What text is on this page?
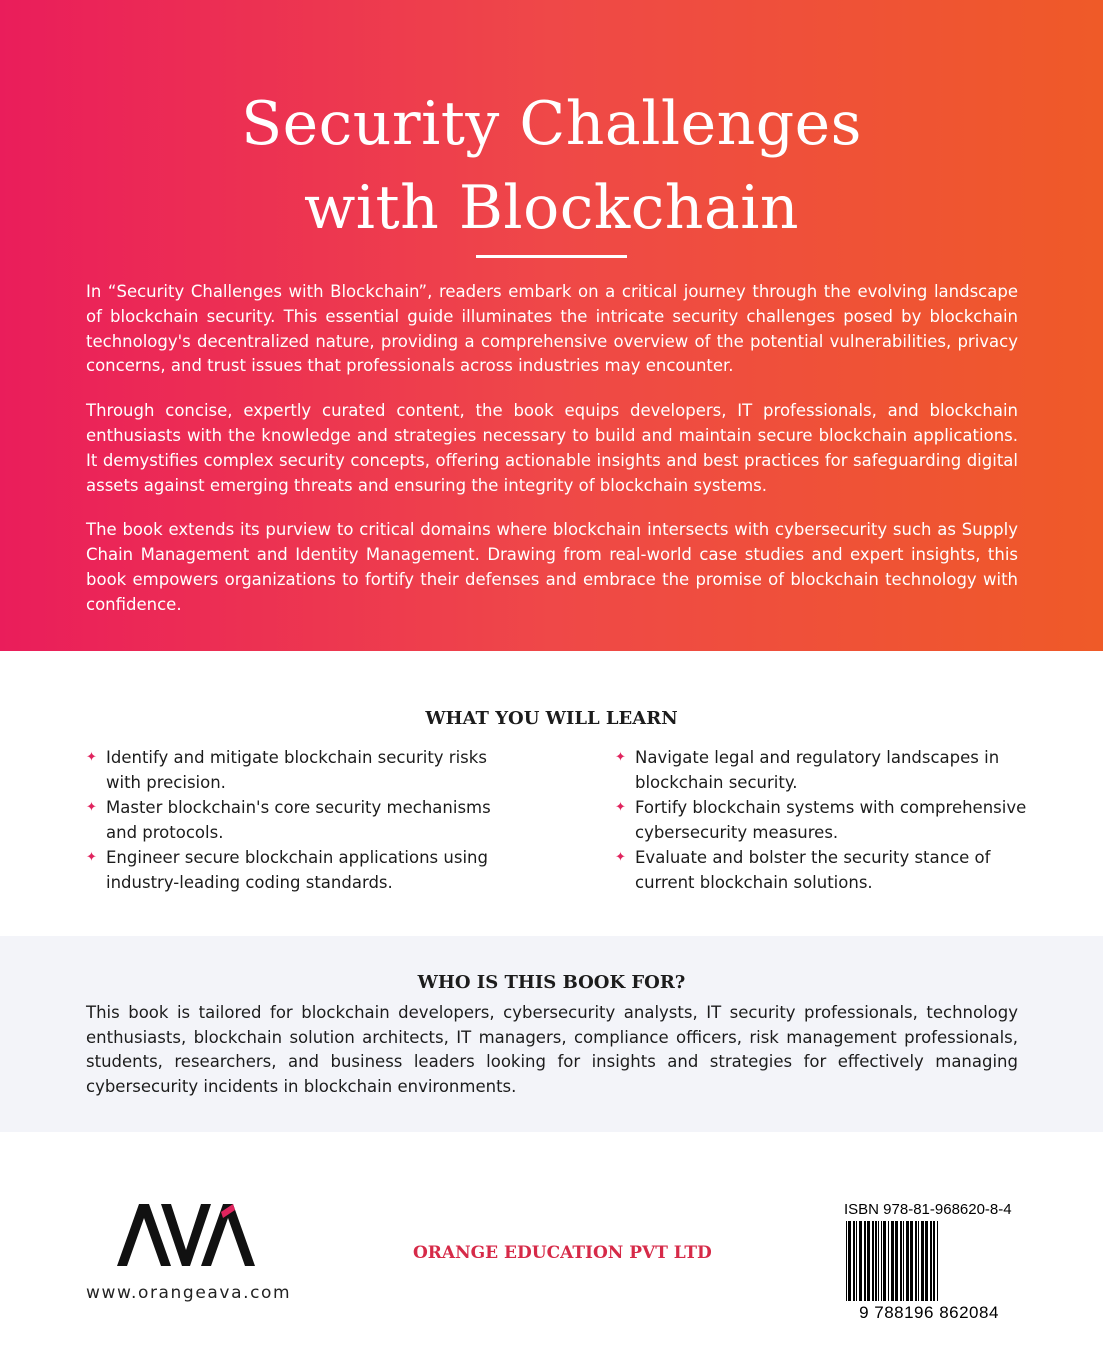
Security Challenges
with Blockchain

In “Security Challenges with Blockchain”, readers embark on a critical journey through the evolving landscape of blockchain security. This essential guide illuminates the intricate security challenges posed by blockchain technology's decentralized nature, providing a comprehensive overview of the potential vulnerabilities, privacy concerns, and trust issues that professionals across industries may encounter.

Through concise, expertly curated content, the book equips developers, IT professionals, and blockchain enthusiasts with the knowledge and strategies necessary to build and maintain secure blockchain applications. It demystifies complex security concepts, offering actionable insights and best practices for safeguarding digital assets against emerging threats and ensuring the integrity of blockchain systems.

The book extends its purview to critical domains where blockchain intersects with cybersecurity such as Supply Chain Management and Identity Management. Drawing from real-world case studies and expert insights, this book empowers organizations to fortify their defenses and embrace the promise of blockchain technology with confidence.

WHAT YOU WILL LEARN
✦ Identify and mitigate blockchain security risks with precision.
✦ Master blockchain's core security mechanisms and protocols.
✦ Engineer secure blockchain applications using industry-leading coding standards.
✦ Navigate legal and regulatory landscapes in blockchain security.
✦ Fortify blockchain systems with comprehensive cybersecurity measures.
✦ Evaluate and bolster the security stance of current blockchain solutions.
WHO IS THIS BOOK FOR?

This book is tailored for blockchain developers, cybersecurity analysts, IT security professionals, technology enthusiasts, blockchain solution architects, IT managers, compliance officers, risk management professionals, students, researchers, and business leaders looking for insights and strategies for effectively managing cybersecurity incidents in blockchain environments.

www.orangeava.com
ORANGE EDUCATION PVT LTD
ISBN 978-81-968620-8-4
9 788196 862084
